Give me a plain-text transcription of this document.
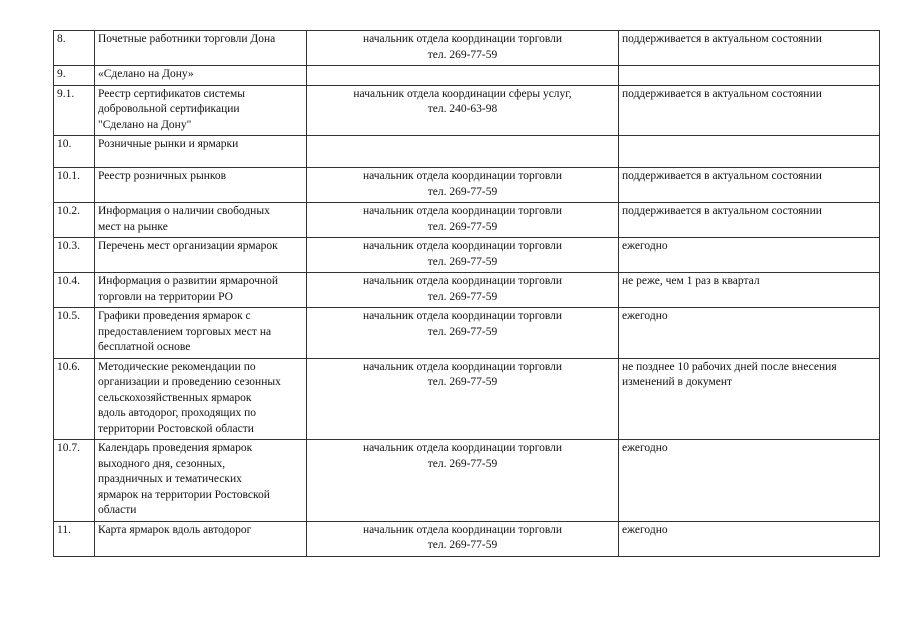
8.	Почетные работники торговли Дона	начальник отдела координации торговли
тел. 269-77-59	поддерживается в актуальном состоянии

9.	«Сделано на Дону»		

9.1.	Реестр сертификатов системы
добровольной сертификации
"Сделано на Дону"	начальник отдела координации сферы услуг,
тел. 240-63-98	поддерживается в актуальном состоянии

10.	Розничные рынки и ярмарки		

10.1.	Реестр розничных рынков	начальник отдела координации торговли
тел. 269-77-59	поддерживается в актуальном состоянии

10.2.	Информация о наличии свободных
мест на рынке	начальник отдела координации торговли
тел. 269-77-59	поддерживается в актуальном состоянии

10.3.	Перечень мест организации ярмарок	начальник отдела координации торговли
тел. 269-77-59	ежегодно

10.4.	Информация о развитии ярмарочной
торговли на территории РО	начальник отдела координации торговли
тел. 269-77-59	не реже, чем 1 раз в квартал

10.5.	Графики проведения ярмарок с
предоставлением торговых мест на
бесплатной основе	начальник отдела координации торговли
тел. 269-77-59	ежегодно

10.6.	Методические рекомендации по
организации и проведению сезонных
сельскохозяйственных ярмарок
вдоль автодорог, проходящих по
территории Ростовской области	начальник отдела координации торговли
тел. 269-77-59	не позднее 10 рабочих дней после внесения
изменений в документ

10.7.	Календарь проведения ярмарок
выходного дня, сезонных,
праздничных и тематических
ярмарок на территории Ростовской
области	начальник отдела координации торговли
тел. 269-77-59	ежегодно

11.	Карта ярмарок вдоль автодорог	начальник отдела координации торговли
тел. 269-77-59	ежегодно
